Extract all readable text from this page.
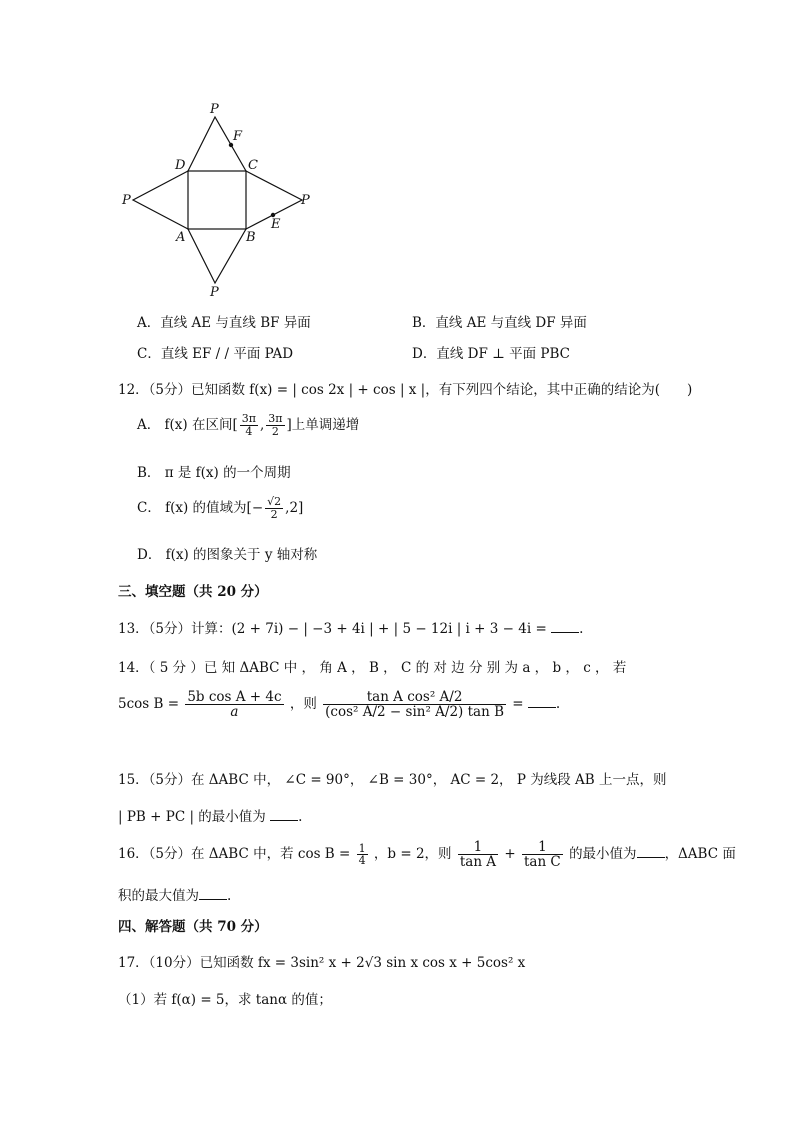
P
P	P
P
D	C
A	B
F
E
A．直线 AE 与直线 BF 异面	B．直线 AE 与直线 DF 异面
C．直线 EF / / 平面 PAD	D．直线 DF ⊥ 平面 PBC
12．（5分）已知函数 f(x) = | cos 2x | + cos | x |，有下列四个结论，其中正确的结论为(　　)
A． f(x) 在区间[ $\frac{3\pi}{4}$ , $\frac{3\pi}{2}$ ]上单调递增
B． π 是 f(x) 的一个周期
C． f(x) 的值域为[− $\frac{√2}{2} ,2$]
D． f(x) 的图象关于 y 轴对称
三、填空题（共 20 分）
13．（5分）计算：(2 + 7i) − | −3 + 4i | + | 5 − 12i | i + 3 − 4i = .
14．（ 5 分 ）已 知 ΔABC 中 ， 角 A ， B ， C 的 对 边 分 别 为 a ， b ， c ， 若
5cos $B = \frac{\text{5b cos A + 4c}}{a}$ ，则 $\frac{\text{tan A cos² A/2}}{\text{(cos² A/2 − sin² A/2) tan B}}$ = .
15．（5分）在 ΔABC 中， ∠C = 90°， ∠B = 30°， AC = 2， P 为线段 AB 上一点，则
| PB + PC | 的最小值为 .
16．（5分）在 ΔABC 中，若 $\cos B = \frac{1}{4}$ ，b = 2，则 $\frac{1}{\text{tan A}} + \frac{1}{\text{tan C}}$ 的最小值为 ，ΔABC 面
积的最大值为 .
四、解答题（共 70 分）
17．（10分）已知函数 fx = 3sin² x + 2√3 sin x cos x + 5cos² x
（1）若 f(α) = 5，求 tanα 的值；
